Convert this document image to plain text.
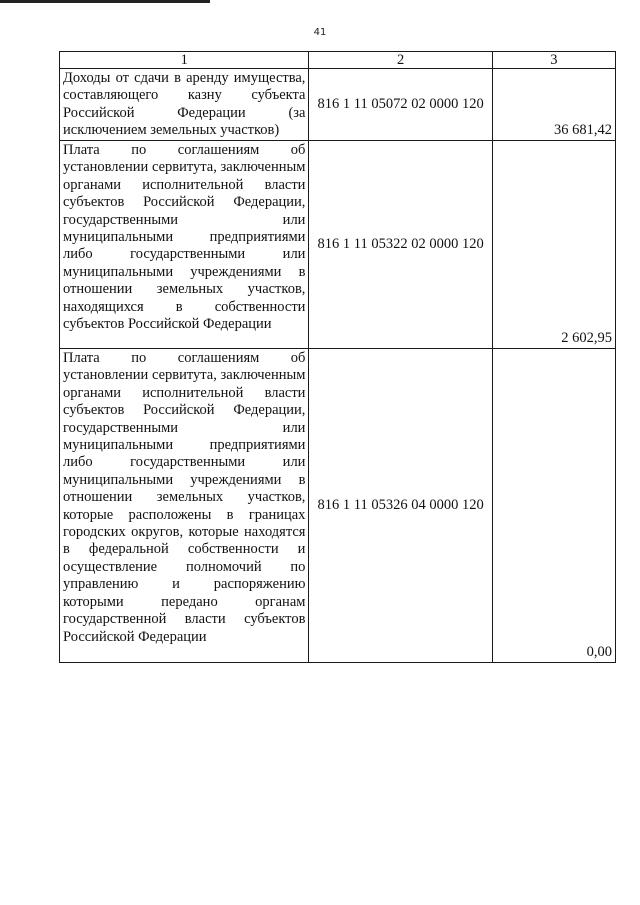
41
1	2	3
Доходы от сдачи в аренду имущества, составляющего казну субъекта Российской Федерации (за исключением земельных участков)	816 1 11 05072 02 0000 120	36 681,42
Плата по соглашениям об установлении сервитута, заключенным органами исполнительной власти субъектов Российской Федерации, государственными или муниципальными предприятиями либо государственными или муниципальными учреждениями в отношении земельных участков, находящихся в собственности субъектов Российской Федерации	816 1 11 05322 02 0000 120	2 602,95
Плата по соглашениям об установлении сервитута, заключенным органами исполнительной власти субъектов Российской Федерации, государственными или муниципальными предприятиями либо государственными или муниципальными учреждениями в отношении земельных участков, которые расположены в границах городских округов, которые находятся в федеральной собственности и осуществление полномочий по управлению и распоряжению которыми передано органам государственной власти субъектов Российской Федерации	816 1 11 05326 04 0000 120	0,00
